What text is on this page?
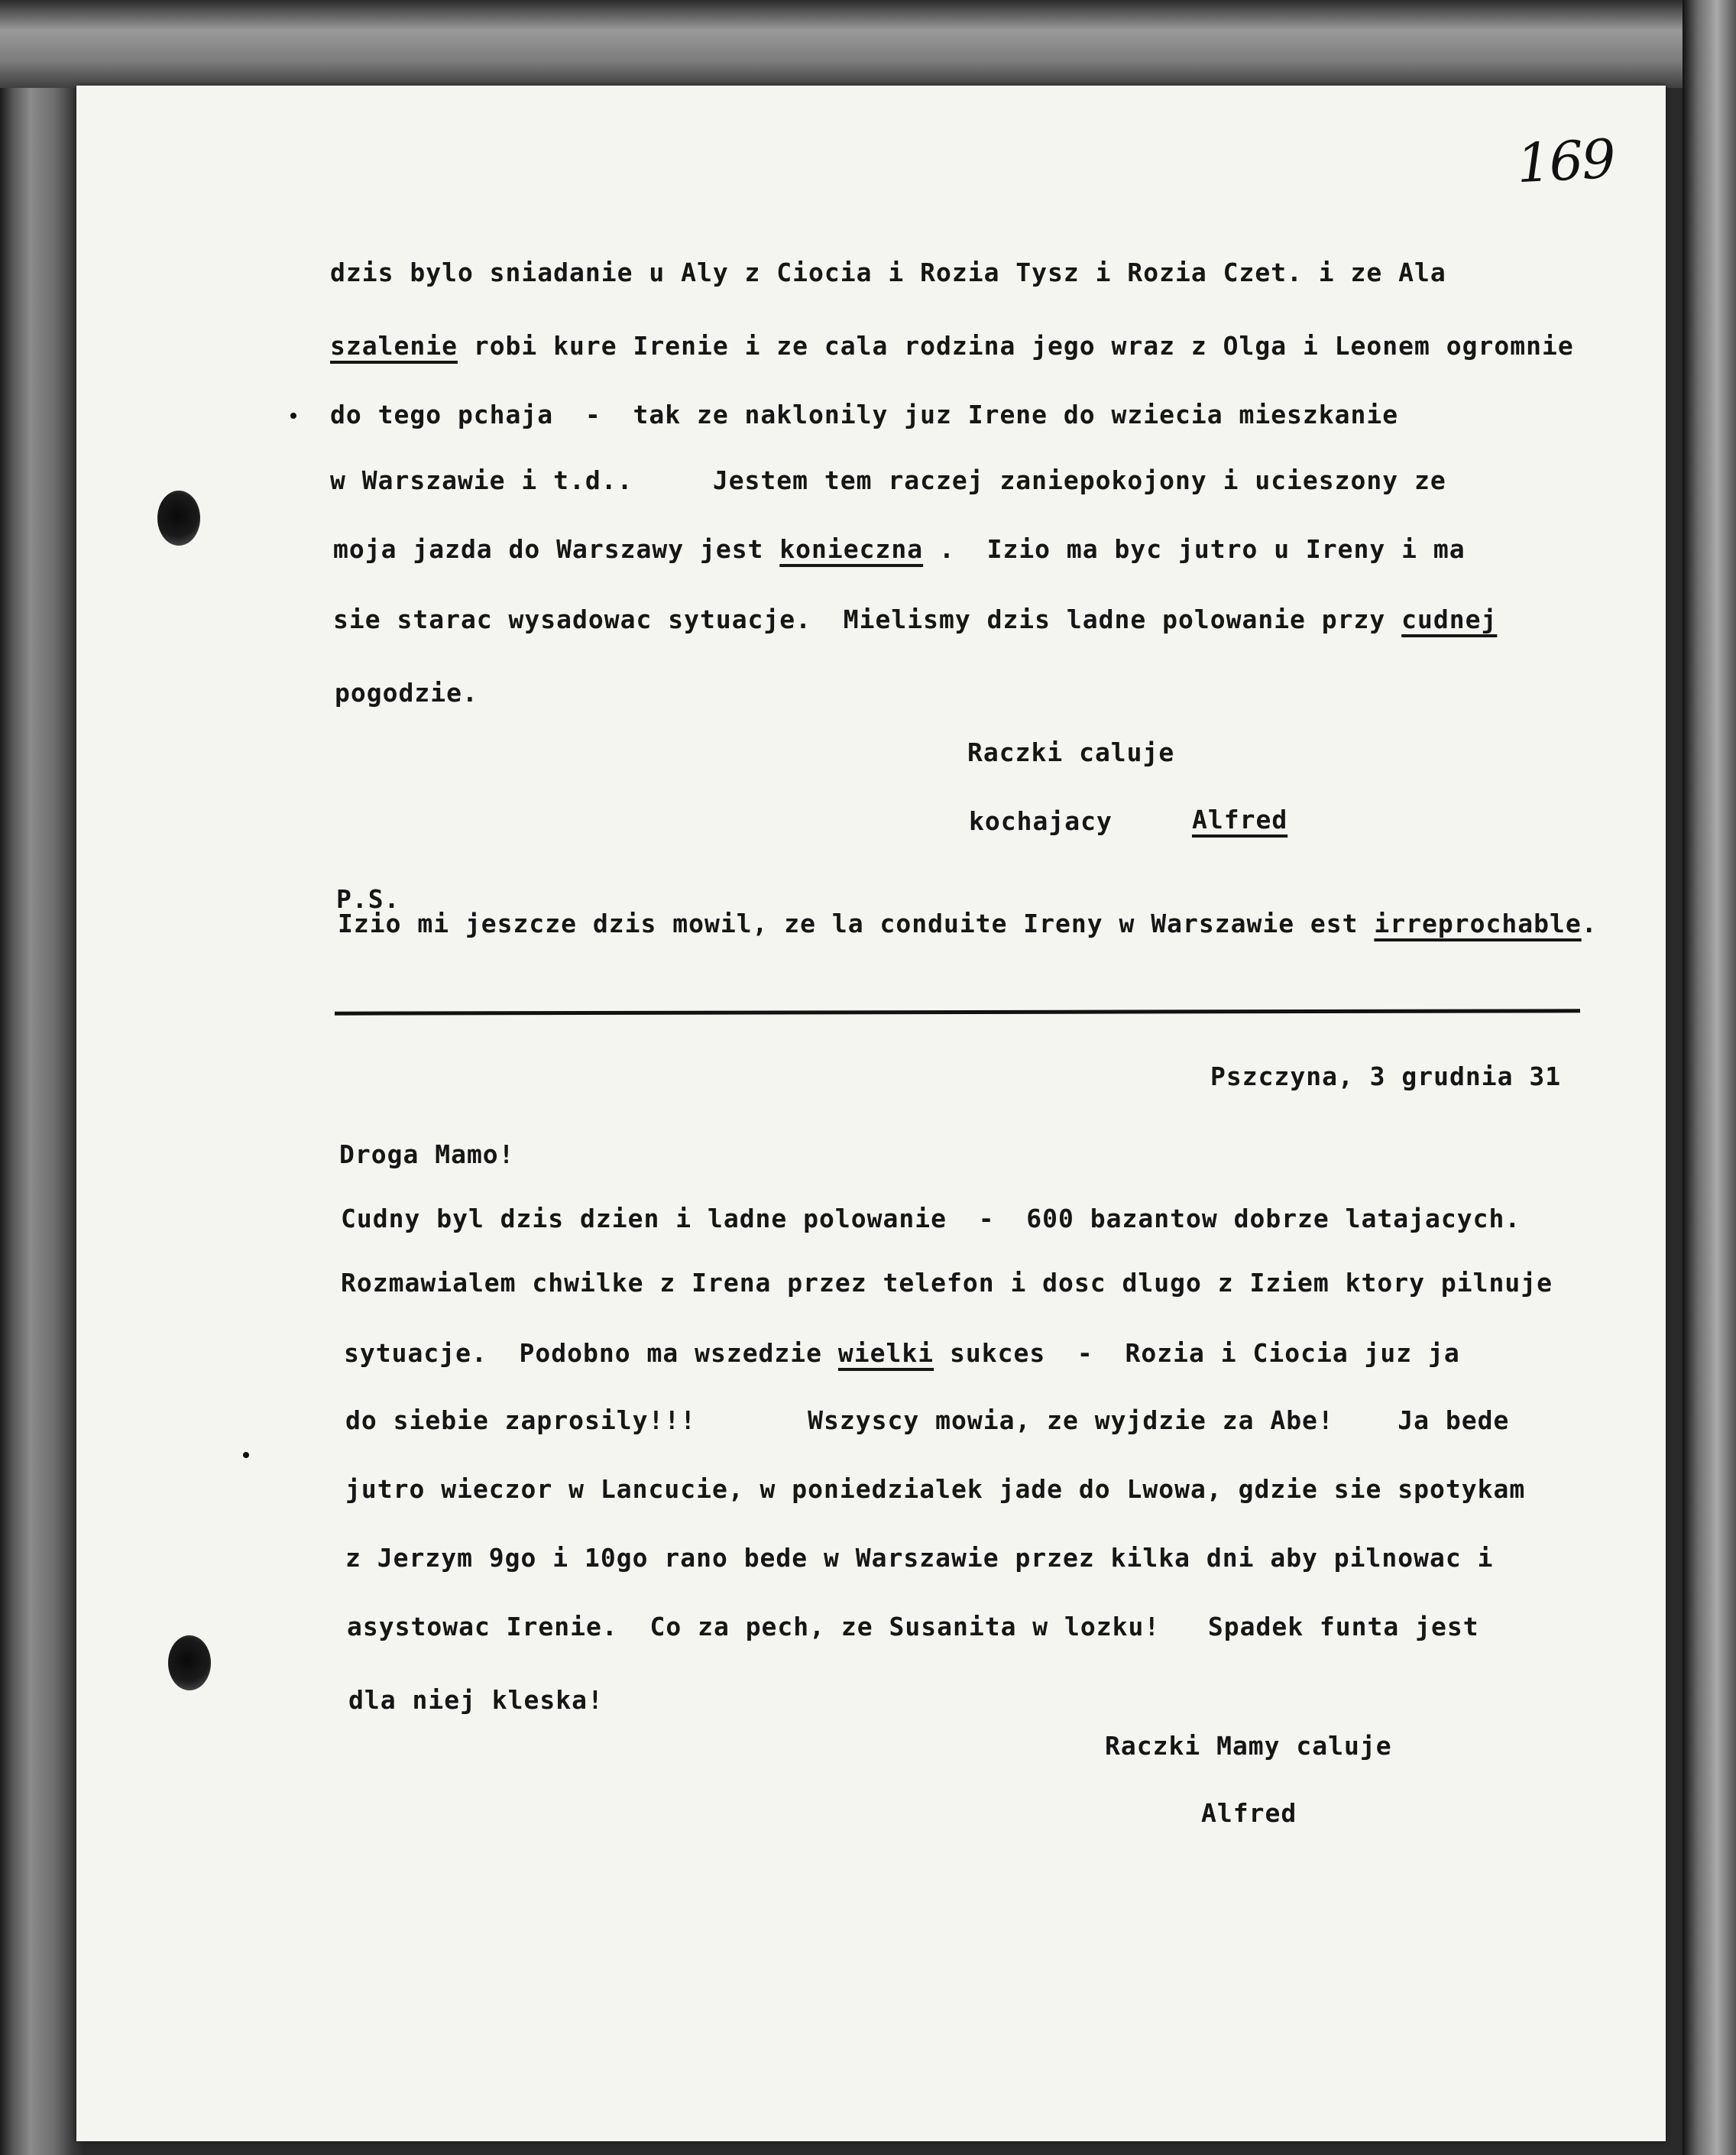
169
dzis bylo sniadanie u Aly z Ciocia i Rozia Tysz i Rozia Czet. i ze Ala
szalenie robi kure Irenie i ze cala rodzina jego wraz z Olga i Leonem ogromnie
do tego pchaja  -  tak ze naklonily juz Irene do wziecia mieszkanie
w Warszawie i t.d..     Jestem tem raczej zaniepokojony i ucieszony ze
moja jazda do Warszawy jest konieczna .  Izio ma byc jutro u Ireny i ma
sie starac wysadowac sytuacje.  Mielismy dzis ladne polowanie przy cudnej
pogodzie.
Raczki caluje
kochajacy	Alfred
P.S.
Izio mi jeszcze dzis mowil, ze la conduite Ireny w Warszawie est irreprochable.
Pszczyna, 3 grudnia 31
Droga Mamo!
Cudny byl dzis dzien i ladne polowanie  -  600 bazantow dobrze latajacych.
Rozmawialem chwilke z Irena przez telefon i dosc dlugo z Iziem ktory pilnuje
sytuacje.  Podobno ma wszedzie wielki sukces  -  Rozia i Ciocia juz ja
do siebie zaprosily!!!       Wszyscy mowia, ze wyjdzie za Abe!    Ja bede
jutro wieczor w Lancucie, w poniedzialek jade do Lwowa, gdzie sie spotykam
z Jerzym 9go i 10go rano bede w Warszawie przez kilka dni aby pilnowac i
asystowac Irenie.  Co za pech, ze Susanita w lozku!   Spadek funta jest
dla niej kleska!
Raczki Mamy caluje
Alfred
